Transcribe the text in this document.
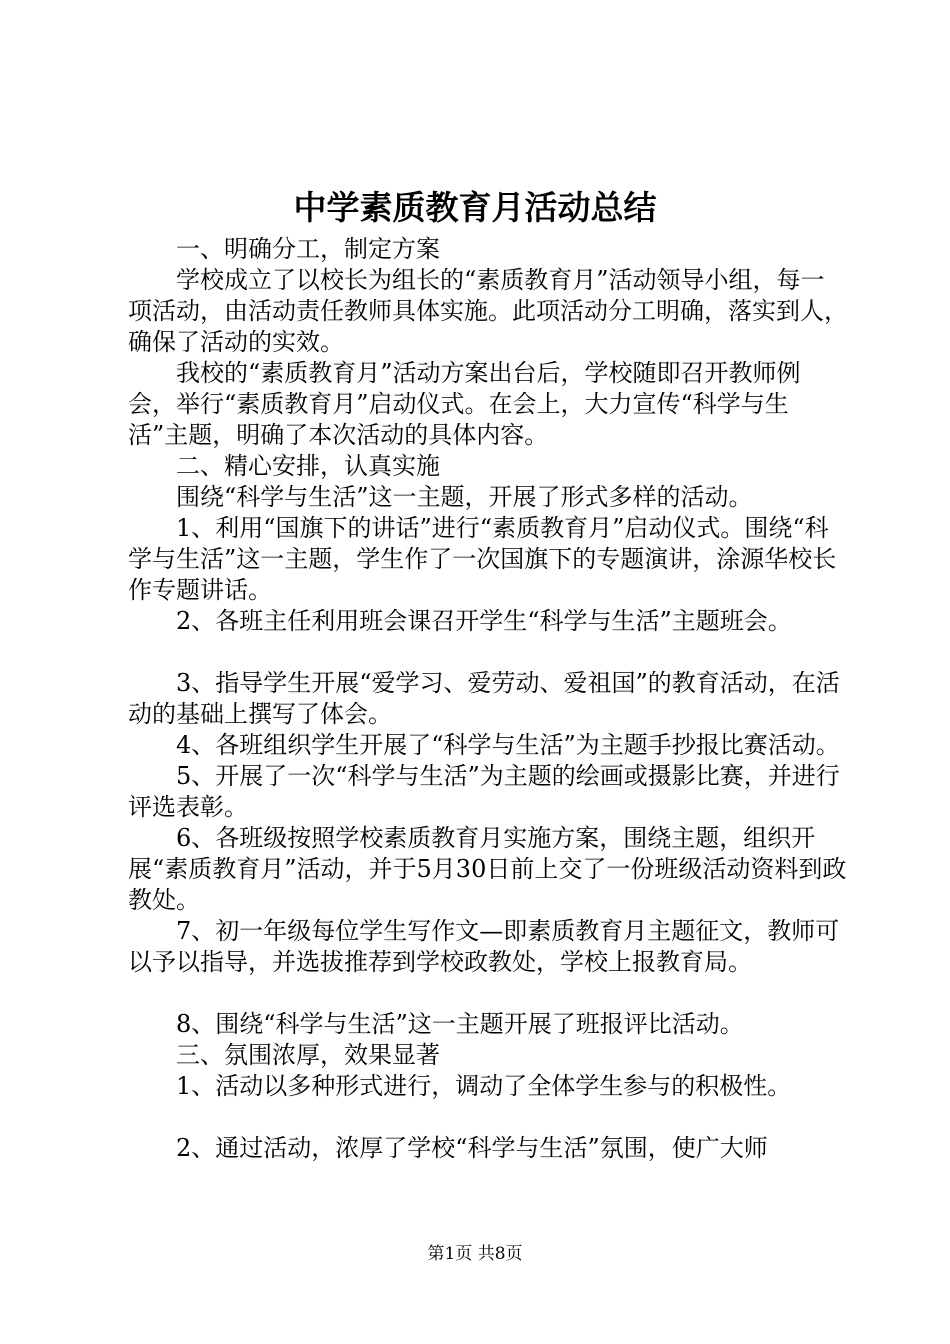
中学素质教育月活动总结

一、明确分工，制定方案

学校成立了以校长为组长的“素质教育月”活动领导小组，每一项活动，由活动责任教师具体实施。此项活动分工明确，落实到人，确保了活动的实效。

我校的“素质教育月”活动方案出台后，学校随即召开教师例会，举行“素质教育月”启动仪式。在会上，大力宣传“科学与生活”主题，明确了本次活动的具体内容。

二、精心安排，认真实施

围绕“科学与生活”这一主题，开展了形式多样的活动。

1、利用“国旗下的讲话”进行“素质教育月”启动仪式。围绕“科学与生活”这一主题，学生作了一次国旗下的专题演讲，涂源华校长作专题讲话。

2、各班主任利用班会课召开学生“科学与生活”主题班会。

3、指导学生开展“爱学习、爱劳动、爱祖国”的教育活动，在活动的基础上撰写了体会。

4、各班组织学生开展了“科学与生活”为主题手抄报比赛活动。

5、开展了一次“科学与生活”为主题的绘画或摄影比赛，并进行评选表彰。

6、各班级按照学校素质教育月实施方案，围绕主题，组织开展“素质教育月”活动，并于5月30日前上交了一份班级活动资料到政教处。

7、初一年级每位学生写作文—即素质教育月主题征文，教师可以予以指导，并选拔推荐到学校政教处，学校上报教育局。

8、围绕“科学与生活”这一主题开展了班报评比活动。

三、氛围浓厚，效果显著

1、活动以多种形式进行，调动了全体学生参与的积极性。

2、通过活动，浓厚了学校“科学与生活”氛围，使广大师

第1页 共8页
